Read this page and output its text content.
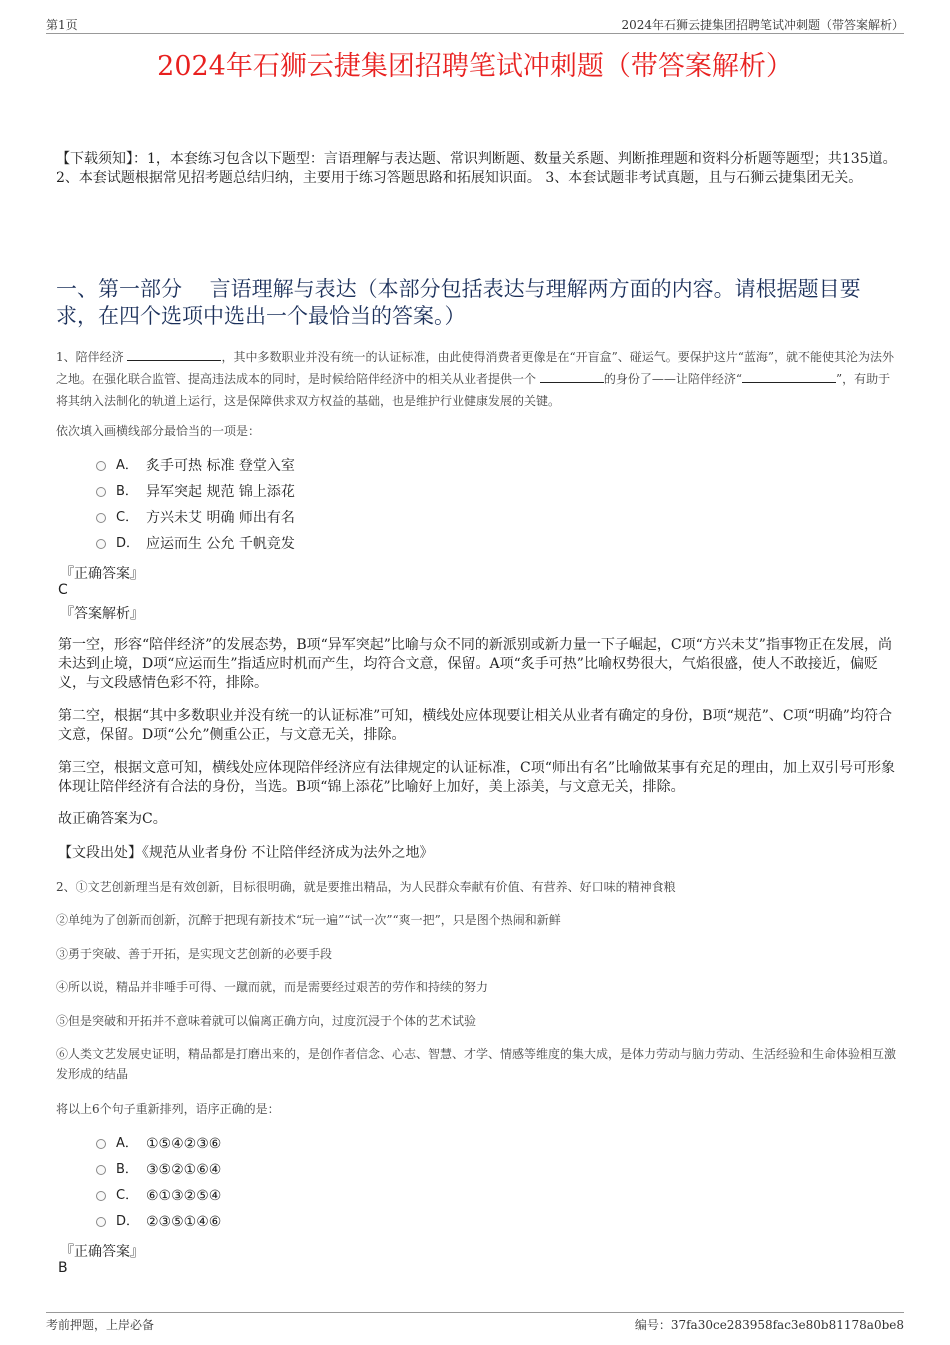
第1页	2024年石狮云捷集团招聘笔试冲刺题（带答案解析）
2024年石狮云捷集团招聘笔试冲刺题（带答案解析）
【下载须知】：1，本套练习包含以下题型：言语理解与表达题、常识判断题、数量关系题、判断推理题和资料分析题等题型；共135道。 2、本套试题根据常见招考题总结归纳，主要用于练习答题思路和拓展知识面。 3、本套试题非考试真题，且与石狮云捷集团无关。
一、第一部分　 言语理解与表达（本部分包括表达与理解两方面的内容。请根据题目要求，在四个选项中选出一个最恰当的答案。）
1、陪伴经济	，其中多数职业并没有统一的认证标准，由此使得消费者更像是在“开盲盒”、碰运气。要保护这片“蓝海”，就不能使其沦为法外之地。在强化联合监管、提高违法成本的同时，是时候给陪伴经济中的相关从业者提供一个	的身份了——让陪伴经济“	”，有助于将其纳入法制化的轨道上运行，这是保障供求双方权益的基础，也是维护行业健康发展的关键。
依次填入画横线部分最恰当的一项是：
A． 炙手可热 标准 登堂入室
B． 异军突起 规范 锦上添花
C． 方兴未艾 明确 师出有名
D． 应运而生 公允 千帆竞发
『正确答案』
C
『答案解析』
第一空，形容“陪伴经济”的发展态势，B项“异军突起”比喻与众不同的新派别或新力量一下子崛起，C项“方兴未艾”指事物正在发展，尚未达到止境，D项“应运而生”指适应时机而产生，均符合文意，保留。A项“炙手可热”比喻权势很大，气焰很盛，使人不敢接近，偏贬义，与文段感情色彩不符，排除。
第二空，根据“其中多数职业并没有统一的认证标准”可知，横线处应体现要让相关从业者有确定的身份，B项“规范”、C项“明确”均符合文意，保留。D项“公允”侧重公正，与文意无关，排除。
第三空，根据文意可知，横线处应体现陪伴经济应有法律规定的认证标准，C项“师出有名”比喻做某事有充足的理由，加上双引号可形象体现让陪伴经济有合法的身份，当选。B项“锦上添花”比喻好上加好，美上添美，与文意无关，排除。
故正确答案为C。
【文段出处】《规范从业者身份 不让陪伴经济成为法外之地》
2、①文艺创新理当是有效创新，目标很明确，就是要推出精品，为人民群众奉献有价值、有营养、好口味的精神食粮
②单纯为了创新而创新，沉醉于把现有新技术“玩一遍”“试一次”“爽一把”，只是图个热闹和新鲜
③勇于突破、善于开拓，是实现文艺创新的必要手段
④所以说，精品并非唾手可得、一蹴而就，而是需要经过艰苦的劳作和持续的努力
⑤但是突破和开拓并不意味着就可以偏离正确方向，过度沉浸于个体的艺术试验
⑥人类文艺发展史证明，精品都是打磨出来的，是创作者信念、心志、智慧、才学、情感等维度的集大成，是体力劳动与脑力劳动、生活经验和生命体验相互激发形成的结晶
将以上6个句子重新排列，语序正确的是：
A． ①⑤④②③⑥
B． ③⑤②①⑥④
C． ⑥①③②⑤④
D． ②③⑤①④⑥
『正确答案』
B
考前押题，上岸必备	编号：37fa30ce283958fac3e80b81178a0be8
